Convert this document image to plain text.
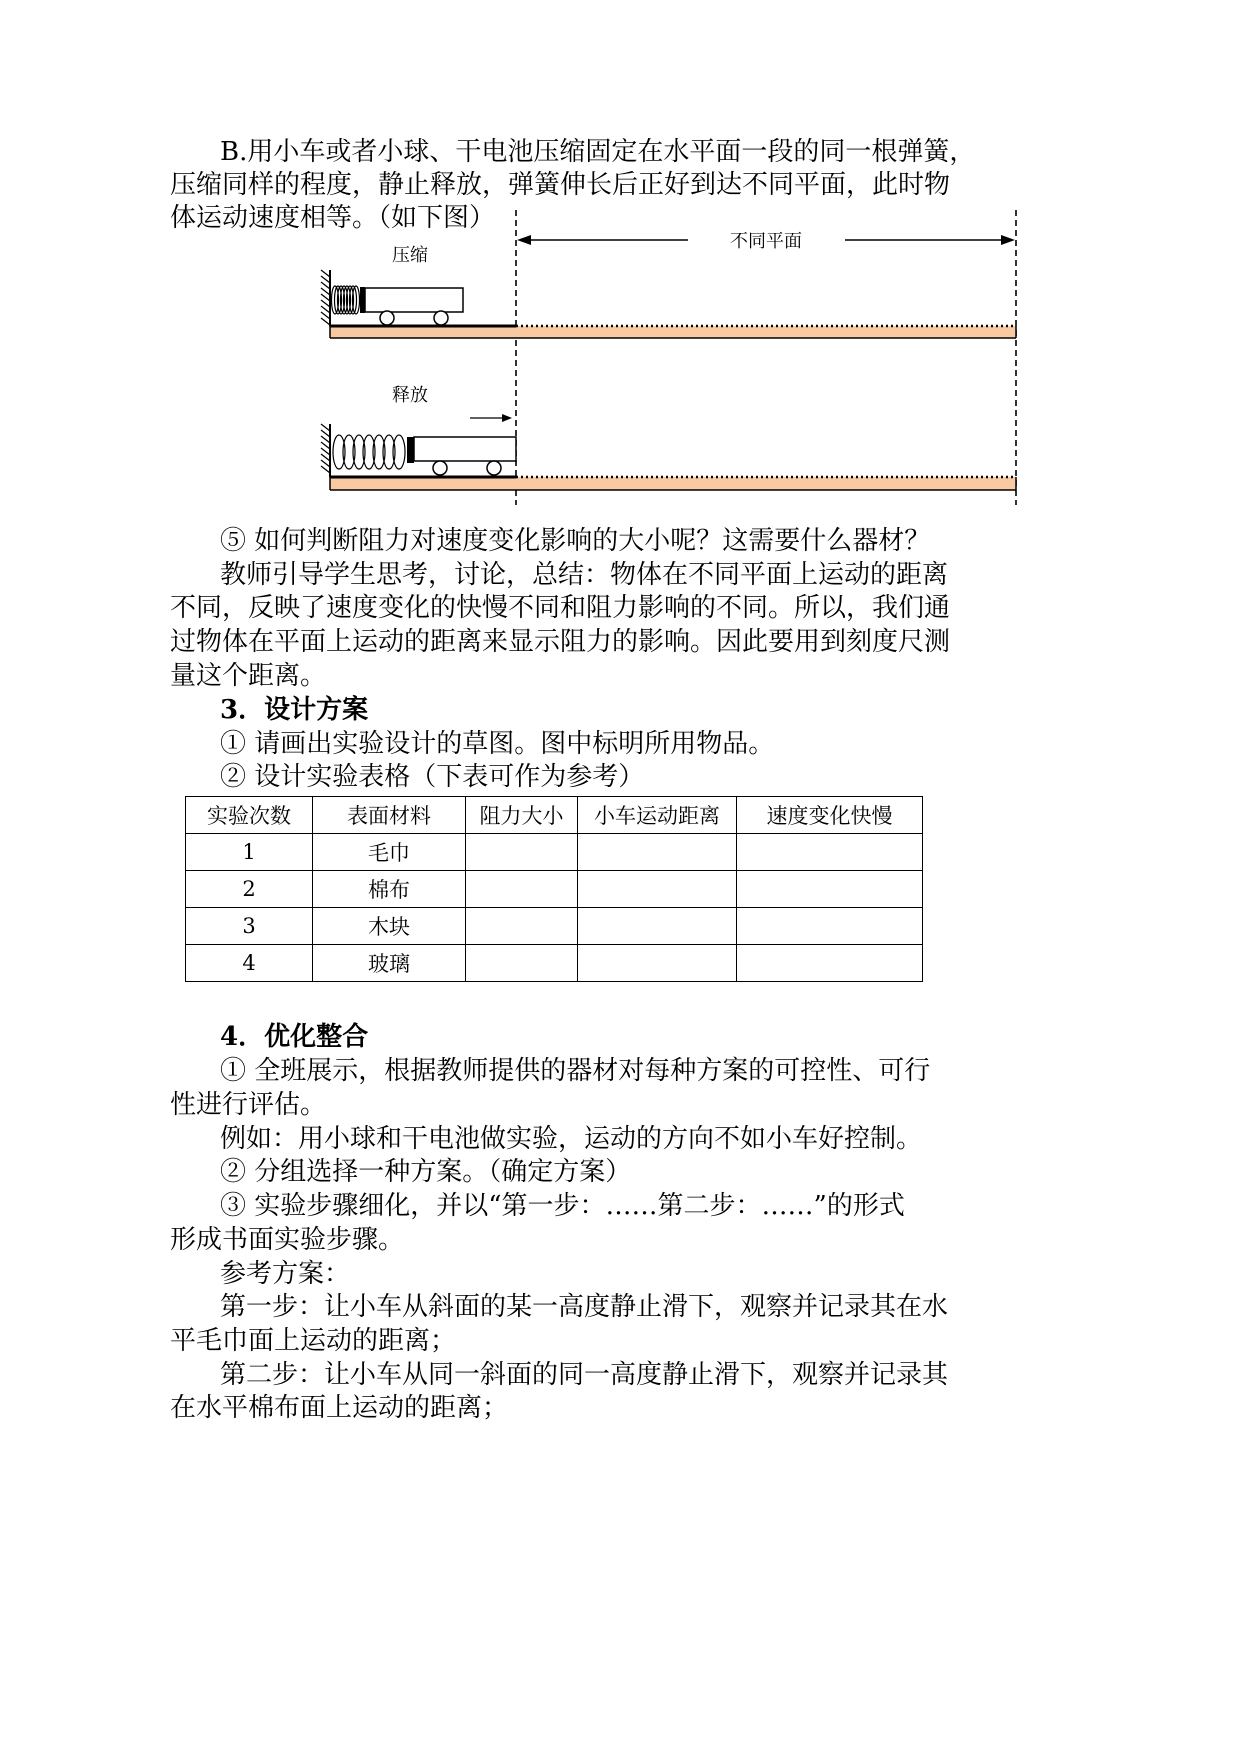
B.用小车或者小球、干电池压缩固定在水平面一段的同一根弹簧，
压缩同样的程度，静止释放，弹簧伸长后正好到达不同平面，此时物
体运动速度相等。（如下图）
不同平面
压缩
释放
⑤ 如何判断阻力对速度变化影响的大小呢？这需要什么器材？
教师引导学生思考，讨论，总结：物体在不同平面上运动的距离
不同，反映了速度变化的快慢不同和阻力影响的不同。所以，我们通
过物体在平面上运动的距离来显示阻力的影响。因此要用到刻度尺测
量这个距离。
3．设计方案
① 请画出实验设计的草图。图中标明所用物品。
② 设计实验表格（下表可作为参考）
实验次数	表面材料	阻力大小	小车运动距离	速度变化快慢
1	毛巾			
2	棉布			
3	木块			
4	玻璃			
4．优化整合
① 全班展示，根据教师提供的器材对每种方案的可控性、可行
性进行评估。
例如：用小球和干电池做实验，运动的方向不如小车好控制。
② 分组选择一种方案。（确定方案）
③ 实验步骤细化，并以“第一步：……第二步：……”的形式
形成书面实验步骤。
参考方案：
第一步：让小车从斜面的某一高度静止滑下，观察并记录其在水
平毛巾面上运动的距离；
第二步：让小车从同一斜面的同一高度静止滑下，观察并记录其
在水平棉布面上运动的距离；
